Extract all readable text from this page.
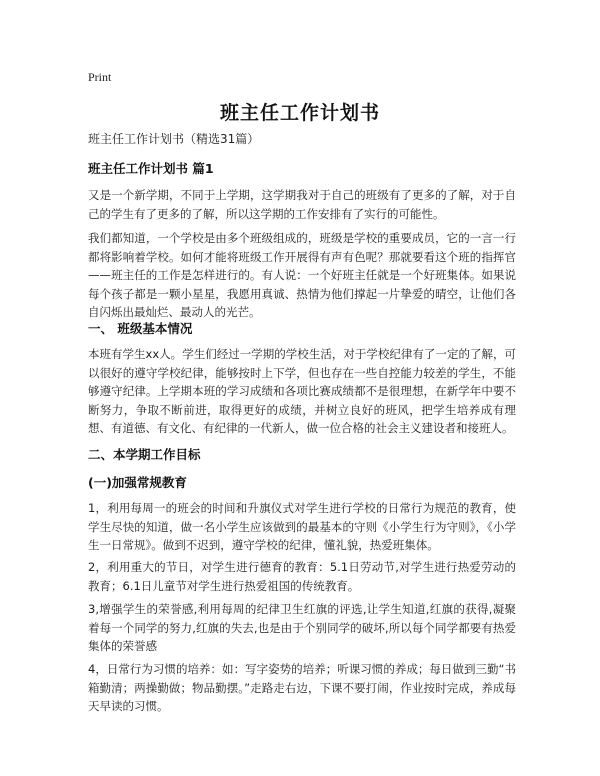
Print
班主任工作计划书

班主任工作计划书（精选31篇）

班主任工作计划书 篇1

又是一个新学期，不同于上学期，这学期我对于自己的班级有了更多的了解，对于自己的学生有了更多的了解，所以这学期的工作安排有了实行的可能性。

我们都知道，一个学校是由多个班级组成的，班级是学校的重要成员，它的一言一行都将影响着学校。如何才能将班级工作开展得有声有色呢？那就要看这个班的指挥官——班主任的工作是怎样进行的。有人说：一个好班主任就是一个好班集体。如果说每个孩子都是一颗小星星，我愿用真诚、热情为他们撑起一片挚爱的晴空，让他们各自闪烁出最灿烂、最动人的光芒。

一、 班级基本情况

本班有学生xx人。学生们经过一学期的学校生活，对于学校纪律有了一定的了解，可以很好的遵守学校纪律，能够按时上下学，但也存在一些自控能力较差的学生，不能够遵守纪律。上学期本班的学习成绩和各项比赛成绩都不是很理想，在新学年中要不断努力，争取不断前进，取得更好的成绩，并树立良好的班风，把学生培养成有理想、有道德、有文化、有纪律的一代新人，做一位合格的社会主义建设者和接班人。

二、本学期工作目标

(一)加强常规教育

1，利用每周一的班会的时间和升旗仪式对学生进行学校的日常行为规范的教育，使学生尽快的知道，做一名小学生应该做到的最基本的守则《小学生行为守则》，《小学生一日常规》。做到不迟到，遵守学校的纪律，懂礼貌，热爱班集体。

2，利用重大的节日，对学生进行德育的教育：5.1日劳动节,对学生进行热爱劳动的教育；6.1日儿童节对学生进行热爱祖国的传统教育。

3,增强学生的荣誉感,利用每周的纪律卫生红旗的评选,让学生知道,红旗的获得,凝聚着每一个同学的努力,红旗的失去,也是由于个别同学的破坏,所以每个同学都要有热爱集体的荣誉感

4，日常行为习惯的培养：如：写字姿势的培养；听课习惯的养成；每日做到三勤“书箱勤清；两操勤做；物品勤摆。”走路走右边，下课不要打闹，作业按时完成，养成每天早读的习惯。
